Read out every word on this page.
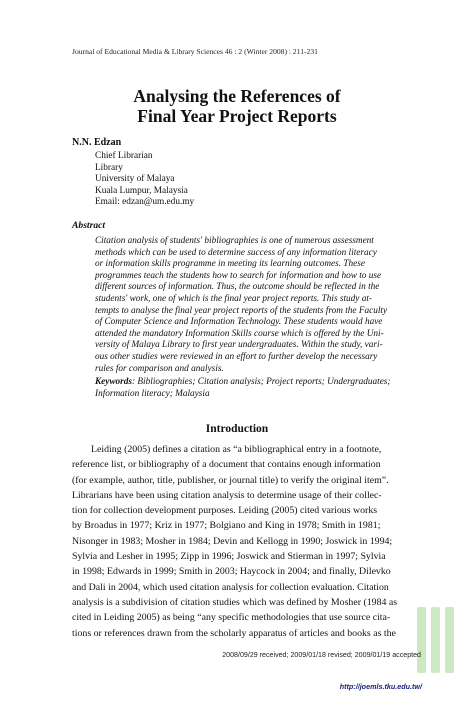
Journal of Educational Media & Library Sciences 46 : 2 (Winter 2008) : 211-231
Analysing the References of
Final Year Project Reports
N.N. Edzan
Chief Librarian
Library
University of Malaya
Kuala Lumpur, Malaysia
Email: edzan@um.edu.my
Abstract
Citation analysis of students' bibliographies is one of numerous assessment
methods which can be used to determine success of any information literacy
or information skills programme in meeting its learning outcomes. These
programmes teach the students how to search for information and how to use
different sources of information. Thus, the outcome should be reflected in the
students' work, one of which is the final year project reports. This study at-
tempts to analyse the final year project reports of the students from the Faculty
of Computer Science and Information Technology. These students would have
attended the mandatory Information Skills course which is offered by the Uni-
versity of Malaya Library to first year undergraduates. Within the study, vari-
ous other studies were reviewed in an effort to further develop the necessary
rules for comparison and analysis.
Keywords: Bibliographies; Citation analysis; Project reports; Undergraduates;
Information literacy; Malaysia
Introduction
Leiding (2005) defines a citation as “a bibliographical entry in a footnote,
reference list, or bibliography of a document that contains enough information
(for example, author, title, publisher, or journal title) to verify the original item”.
Librarians have been using citation analysis to determine usage of their collec-
tion for collection development purposes. Leiding (2005) cited various works
by Broadus in 1977; Kriz in 1977; Bolgiano and King in 1978; Smith in 1981;
Nisonger in 1983; Mosher in 1984; Devin and Kellogg in 1990; Joswick in 1994;
Sylvia and Lesher in 1995; Zipp in 1996; Joswick and Stierman in 1997; Sylvia
in 1998; Edwards in 1999; Smith in 2003; Haycock in 2004; and finally, Dilevko
and Dali in 2004, which used citation analysis for collection evaluation. Citation
analysis is a subdivision of citation studies which was defined by Mosher (1984 as
cited in Leiding 2005) as being “any specific methodologies that use source cita-
tions or references drawn from the scholarly apparatus of articles and books as the
2008/09/29 received; 2009/01/18 revised; 2009/01/19 accepted
http://joemls.tku.edu.tw/
